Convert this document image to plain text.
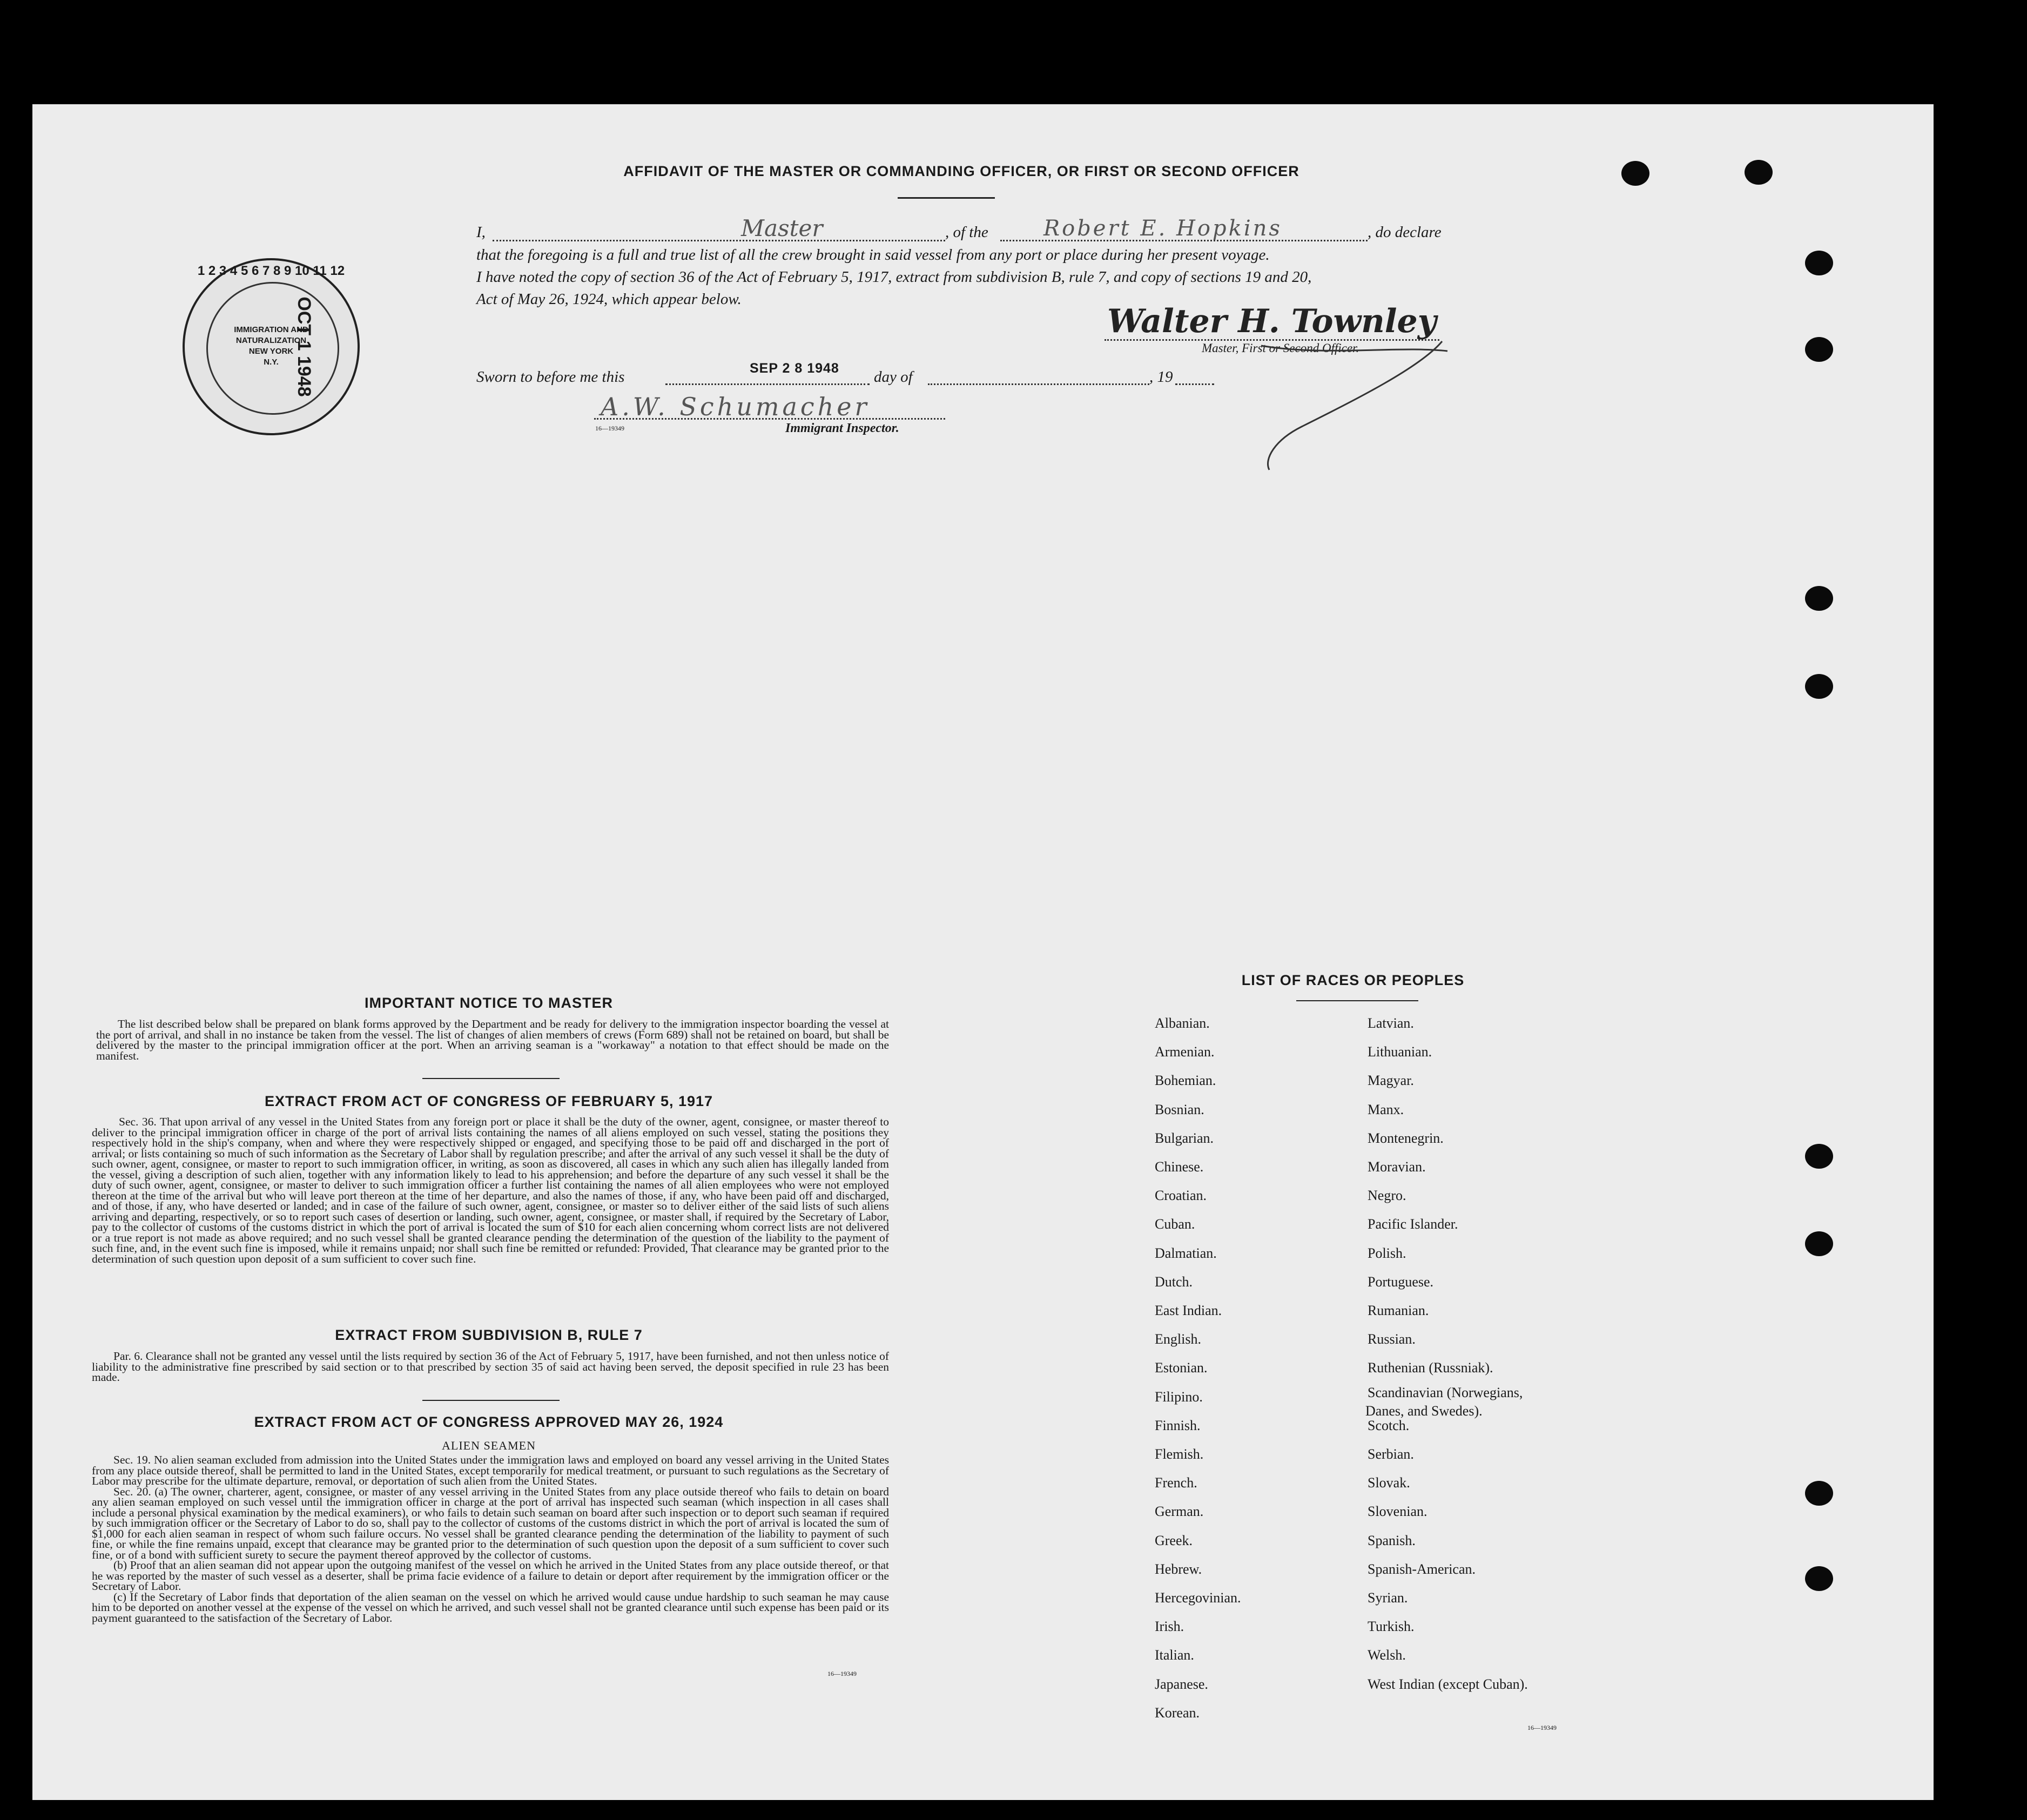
AFFIDAVIT OF THE MASTER OR COMMANDING OFFICER, OR FIRST OR SECOND OFFICER
I,	Master	, of the	Robert E. Hopkins	, do declare
that the foregoing is a full and true list of all the crew brought in said vessel from any port or place during her present voyage.
I have noted the copy of section 36 of the Act of February 5, 1917, extract from subdivision B, rule 7, and copy of sections 19 and 20,
Act of May 26, 1924, which appear below.
Walter H. Townley
Master, First or Second Officer.
Sworn to before me this	SEP 2 8 1948 day of	, 19
A.W. Schumacher
16—19349	Immigrant Inspector.
1 2 3 4 5 6 7 8 9 10 11 12
OCT 1 1948
IMMIGRATION AND
NATURALIZATION
NEW YORK
N.Y.
IMPORTANT NOTICE TO MASTER

The list described below shall be prepared on blank forms approved by the Department and be ready for delivery to the immigration inspector boarding the vessel at the port of arrival, and shall in no instance be taken from the vessel. The list of changes of alien members of crews (Form 689) shall not be retained on board, but shall be delivered by the master to the principal immigration officer at the port. When an arriving seaman is a "workaway" a notation to that effect should be made on the manifest.

EXTRACT FROM ACT OF CONGRESS OF FEBRUARY 5, 1917

Sec. 36. That upon arrival of any vessel in the United States from any foreign port or place it shall be the duty of the owner, agent, consignee, or master thereof to deliver to the principal immigration officer in charge of the port of arrival lists containing the names of all aliens employed on such vessel, stating the positions they respectively hold in the ship's company, when and where they were respectively shipped or engaged, and specifying those to be paid off and discharged in the port of arrival; or lists containing so much of such information as the Secretary of Labor shall by regulation prescribe; and after the arrival of any such vessel it shall be the duty of such owner, agent, consignee, or master to report to such immigration officer, in writing, as soon as discovered, all cases in which any such alien has illegally landed from the vessel, giving a description of such alien, together with any information likely to lead to his apprehension; and before the departure of any such vessel it shall be the duty of such owner, agent, consignee, or master to deliver to such immigration officer a further list containing the names of all alien employees who were not employed thereon at the time of the arrival but who will leave port thereon at the time of her departure, and also the names of those, if any, who have been paid off and discharged, and of those, if any, who have deserted or landed; and in case of the failure of such owner, agent, consignee, or master so to deliver either of the said lists of such aliens arriving and departing, respectively, or so to report such cases of desertion or landing, such owner, agent, consignee, or master shall, if required by the Secretary of Labor, pay to the collector of customs of the customs district in which the port of arrival is located the sum of $10 for each alien concerning whom correct lists are not delivered or a true report is not made as above required; and no such vessel shall be granted clearance pending the determination of the question of the liability to the payment of such fine, and, in the event such fine is imposed, while it remains unpaid; nor shall such fine be remitted or refunded: Provided, That clearance may be granted prior to the determination of such question upon deposit of a sum sufficient to cover such fine.

EXTRACT FROM SUBDIVISION B, RULE 7

Par. 6. Clearance shall not be granted any vessel until the lists required by section 36 of the Act of February 5, 1917, have been furnished, and not then unless notice of liability to the administrative fine prescribed by said section or to that prescribed by section 35 of said act having been served, the deposit specified in rule 23 has been made.

EXTRACT FROM ACT OF CONGRESS APPROVED MAY 26, 1924
ALIEN SEAMEN

Sec. 19. No alien seaman excluded from admission into the United States under the immigration laws and employed on board any vessel arriving in the United States from any place outside thereof, shall be permitted to land in the United States, except temporarily for medical treatment, or pursuant to such regulations as the Secretary of Labor may prescribe for the ultimate departure, removal, or deportation of such alien from the United States.

Sec. 20. (a) The owner, charterer, agent, consignee, or master of any vessel arriving in the United States from any place outside thereof who fails to detain on board any alien seaman employed on such vessel until the immigration officer in charge at the port of arrival has inspected such seaman (which inspection in all cases shall include a personal physical examination by the medical examiners), or who fails to detain such seaman on board after such inspection or to deport such seaman if required by such immigration officer or the Secretary of Labor to do so, shall pay to the collector of customs of the customs district in which the port of arrival is located the sum of $1,000 for each alien seaman in respect of whom such failure occurs. No vessel shall be granted clearance pending the determination of the liability to payment of such fine, or while the fine remains unpaid, except that clearance may be granted prior to the determination of such question upon the deposit of a sum sufficient to cover such fine, or of a bond with sufficient surety to secure the payment thereof approved by the collector of customs.

(b) Proof that an alien seaman did not appear upon the outgoing manifest of the vessel on which he arrived in the United States from any place outside thereof, or that he was reported by the master of such vessel as a deserter, shall be prima facie evidence of a failure to detain or deport after requirement by the immigration officer or the Secretary of Labor.

(c) If the Secretary of Labor finds that deportation of the alien seaman on the vessel on which he arrived would cause undue hardship to such seaman he may cause him to be deported on another vessel at the expense of the vessel on which he arrived, and such vessel shall not be granted clearance until such expense has been paid or its payment guaranteed to the satisfaction of the Secretary of Labor.

16—19349
LIST OF RACES OR PEOPLES
Albanian.
Armenian.
Bohemian.
Bosnian.
Bulgarian.
Chinese.
Croatian.
Cuban.
Dalmatian.
Dutch.
East Indian.
English.
Estonian.
Filipino.
Finnish.
Flemish.
French.
German.
Greek.
Hebrew.
Hercegovinian.
Irish.
Italian.
Japanese.
Korean.
Latvian.
Lithuanian.
Magyar.
Manx.
Montenegrin.
Moravian.
Negro.
Pacific Islander.
Polish.
Portuguese.
Rumanian.
Russian.
Ruthenian (Russniak).
Scandinavian (Norwegians,
Danes, and Swedes).
Scotch.
Serbian.
Slovak.
Slovenian.
Spanish.
Spanish-American.
Syrian.
Turkish.
Welsh.
West Indian (except Cuban).
16—19349
